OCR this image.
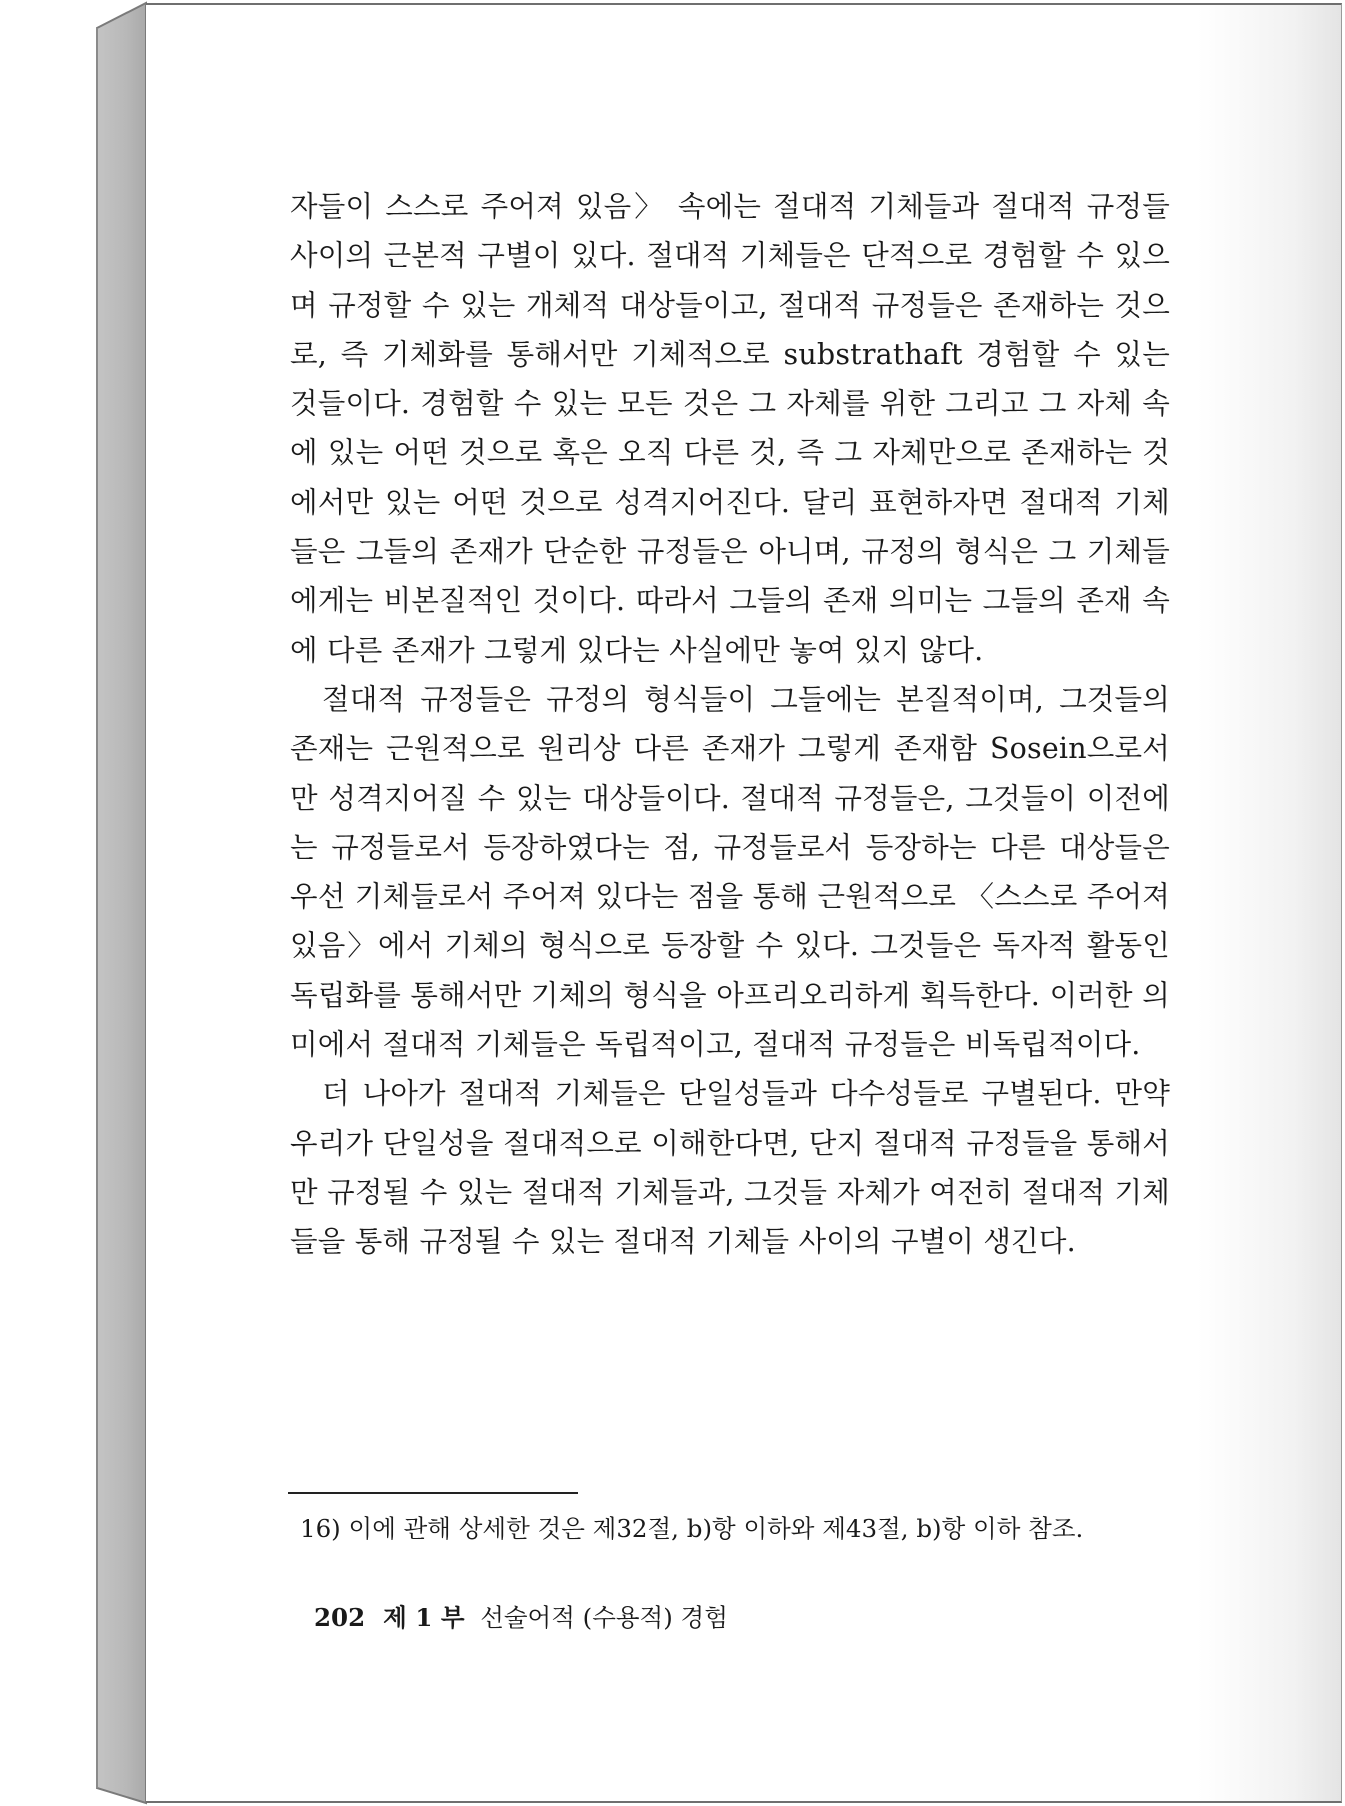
자들이 스스로 주어져 있음〉 속에는 절대적 기체들과 절대적 규정들 사이의 근본적 구별이 있다. 절대적 기체들은 단적으로 경험할 수 있으며 규정할 수 있는 개체적 대상들이고, 절대적 규정들은 존재하는 것으로, 즉 기체화를 통해서만 기체적으로 substrathaft 경험할 수 있는 것들이다. 경험할 수 있는 모든 것은 그 자체를 위한 그리고 그 자체 속에 있는 어떤 것으로 혹은 오직 다른 것, 즉 그 자체만으로 존재하는 것에서만 있는 어떤 것으로 성격지어진다. 달리 표현하자면 절대적 기체들은 그들의 존재가 단순한 규정들은 아니며, 규정의 형식은 그 기체들에게는 비본질적인 것이다. 따라서 그들의 존재 의미는 그들의 존재 속에 다른 존재가 그렇게 있다는 사실에만 놓여 있지 않다.

절대적 규정들은 규정의 형식들이 그들에는 본질적이며, 그것들의 존재는 근원적으로 원리상 다른 존재가 그렇게 존재함 Sosein으로서만 성격지어질 수 있는 대상들이다. 절대적 규정들은, 그것들이 이전에는 규정들로서 등장하였다는 점, 규정들로서 등장하는 다른 대상들은 우선 기체들로서 주어져 있다는 점을 통해 근원적으로 〈스스로 주어져 있음〉에서 기체의 형식으로 등장할 수 있다. 그것들은 독자적 활동인 독립화를 통해서만 기체의 형식을 아프리오리하게 획득한다. 이러한 의미에서 절대적 기체들은 독립적이고, 절대적 규정들은 비독립적이다.

더 나아가 절대적 기체들은 단일성들과 다수성들로 구별된다. 만약 우리가 단일성을 절대적으로 이해한다면, 단지 절대적 규정들을 통해서만 규정될 수 있는 절대적 기체들과, 그것들 자체가 여전히 절대적 기체들을 통해 규정될 수 있는 절대적 기체들 사이의 구별이 생긴다.

16) 이에 관해 상세한 것은 제32절, b)항 이하와 제43절, b)항 이하 참조.
202 제 1 부 선술어적 (수용적) 경험
